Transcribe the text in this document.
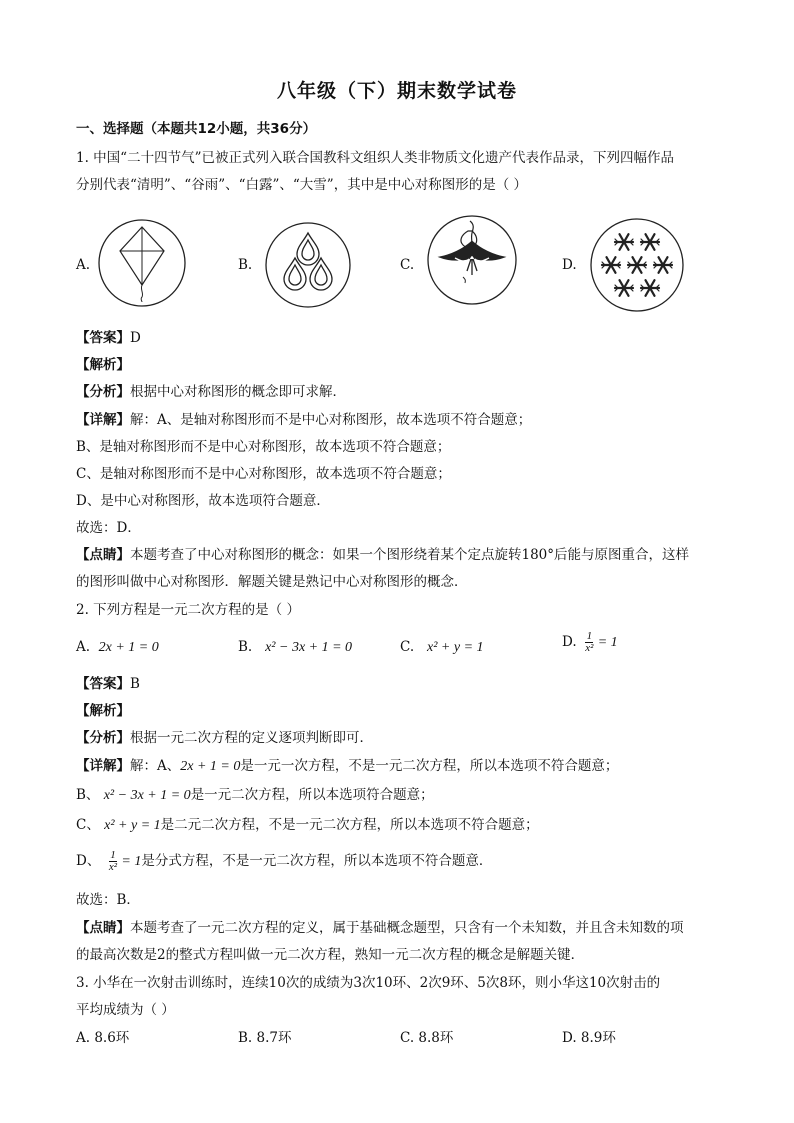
八年级（下）期末数学试卷
一、选择题（本题共12小题，共36分）
1. 中国“二十四节气”已被正式列入联合国教科文组织人类非物质文化遗产代表作品录，下列四幅作品
分别代表“清明”、“谷雨”、“白露”、“大雪”，其中是中心对称图形的是（ ）
A.	B.	C.	D.
【答案】D
【解析】
【分析】根据中心对称图形的概念即可求解．
【详解】解：A、是轴对称图形而不是中心对称图形，故本选项不符合题意；
B、是轴对称图形而不是中心对称图形，故本选项不符合题意；
C、是轴对称图形而不是中心对称图形，故本选项不符合题意；
D、是中心对称图形，故本选项符合题意．
故选：D．
【点睛】本题考查了中心对称图形的概念：如果一个图形绕着某个定点旋转180°后能与原图重合，这样
的图形叫做中心对称图形．解题关键是熟记中心对称图形的概念．
2. 下列方程是一元二次方程的是（ ）
A. 2x + 1 = 0	B. x² − 3x + 1 = 0	C. x² + y = 1	D. $\frac{1}{\text{x²}} = 1$
【答案】B
【解析】
【分析】根据一元二次方程的定义逐项判断即可．
【详解】解：A、2x + 1 = 0是一元一次方程，不是一元二次方程，所以本选项不符合题意；
B、 x² − 3x + 1 = 0是一元二次方程，所以本选项符合题意；
C、 x² + y = 1是二元二次方程，不是一元二次方程，所以本选项不符合题意；
D、 $\frac{1}{\text{x²}} = 1$是分式方程，不是一元二次方程，所以本选项不符合题意．
故选：B．
【点睛】本题考查了一元二次方程的定义，属于基础概念题型，只含有一个未知数，并且含未知数的项
的最高次数是2的整式方程叫做一元二次方程，熟知一元二次方程的概念是解题关键．
3. 小华在一次射击训练时，连续10次的成绩为3次10环、2次9环、5次8环，则小华这10次射击的
平均成绩为（ ）
A. 8.6环	B. 8.7环	C. 8.8环	D. 8.9环
